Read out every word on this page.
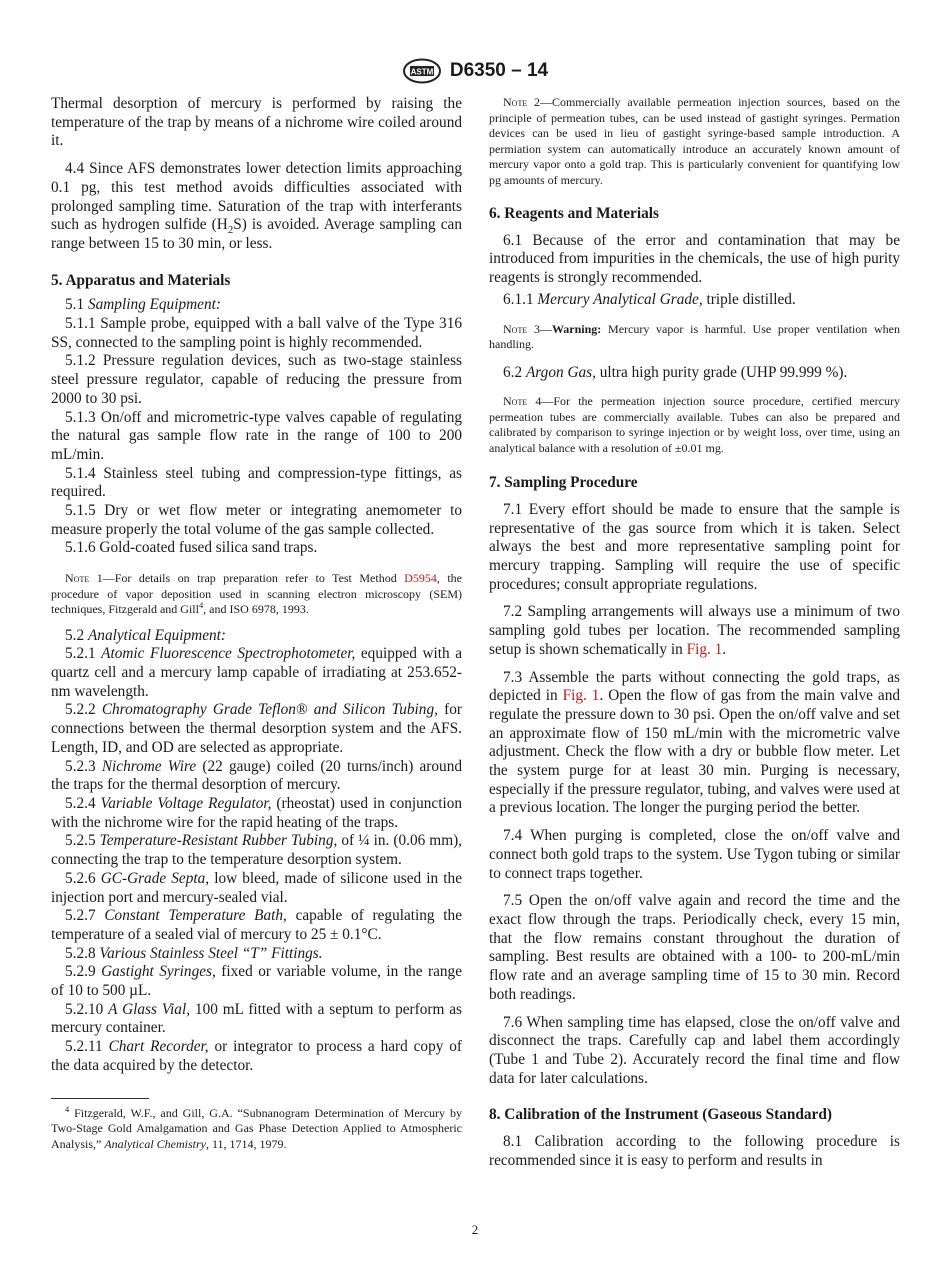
ASTM D6350 – 14

Thermal desorption of mercury is performed by raising the temperature of the trap by means of a nichrome wire coiled around it.

4.4 Since AFS demonstrates lower detection limits approaching 0.1 pg, this test method avoids difficulties associated with prolonged sampling time. Saturation of the trap with interferants such as hydrogen sulfide $(H_2S)$ is avoided. Average sampling can range between 15 to 30 min, or less.

5. Apparatus and Materials

5.1 Sampling Equipment:

5.1.1 Sample probe, equipped with a ball valve of the Type 316 SS, connected to the sampling point is highly recommended.

5.1.2 Pressure regulation devices, such as two-stage stainless steel pressure regulator, capable of reducing the pressure from 2000 to 30 psi.

5.1.3 On/off and micrometric-type valves capable of regulating the natural gas sample flow rate in the range of 100 to 200 mL/min.

5.1.4 Stainless steel tubing and compression-type fittings, as required.

5.1.5 Dry or wet flow meter or integrating anemometer to measure properly the total volume of the gas sample collected.

5.1.6 Gold-coated fused silica sand traps.

Note 1—For details on trap preparation refer to Test Method D5954, the procedure of vapor deposition used in scanning electron microscopy (SEM) techniques, Fitzgerald and Gill$^4$, and ISO 6978, 1993.

5.2 Analytical Equipment:

5.2.1 Atomic Fluorescence Spectrophotometer, equipped with a quartz cell and a mercury lamp capable of irradiating at 253.652-nm wavelength.

5.2.2 Chromatography Grade Teflon® and Silicon Tubing, for connections between the thermal desorption system and the AFS. Length, ID, and OD are selected as appropriate.

5.2.3 Nichrome Wire (22 gauge) coiled (20 turns/inch) around the traps for the thermal desorption of mercury.

5.2.4 Variable Voltage Regulator, (rheostat) used in conjunction with the nichrome wire for the rapid heating of the traps.

5.2.5 Temperature-Resistant Rubber Tubing, of ¼ in. (0.06 mm), connecting the trap to the temperature desorption system.

5.2.6 GC-Grade Septa, low bleed, made of silicone used in the injection port and mercury-sealed vial.

5.2.7 Constant Temperature Bath, capable of regulating the temperature of a sealed vial of mercury to 25 ± 0.1°C.

5.2.8 Various Stainless Steel “T” Fittings.

5.2.9 Gastight Syringes, fixed or variable volume, in the range of 10 to 500 µL.

5.2.10 A Glass Vial, 100 mL fitted with a septum to perform as mercury container.

5.2.11 Chart Recorder, or integrator to process a hard copy of the data acquired by the detector.

$^4$ Fitzgerald, W.F., and Gill, G.A. “Subnanogram Determination of Mercury by Two-Stage Gold Amalgamation and Gas Phase Detection Applied to Atmospheric Analysis,” Analytical Chemistry, 11, 1714, 1979.

Note 2—Commercially available permeation injection sources, based on the principle of permeation tubes, can be used instead of gastight syringes. Permation devices can be used in lieu of gastight syringe-based sample introduction. A permiation system can automatically introduce an accurately known amount of mercury vapor onto a gold trap. This is particularly convenient for quantifying low pg amounts of mercury.

6. Reagents and Materials

6.1 Because of the error and contamination that may be introduced from impurities in the chemicals, the use of high purity reagents is strongly recommended.

6.1.1 Mercury Analytical Grade, triple distilled.

Note 3—Warning: Mercury vapor is harmful. Use proper ventilation when handling.

6.2 Argon Gas, ultra high purity grade (UHP 99.999 %).

Note 4—For the permeation injection source procedure, certified mercury permeation tubes are commercially available. Tubes can also be prepared and calibrated by comparison to syringe injection or by weight loss, over time, using an analytical balance with a resolution of ±0.01 mg.

7. Sampling Procedure

7.1 Every effort should be made to ensure that the sample is representative of the gas source from which it is taken. Select always the best and more representative sampling point for mercury trapping. Sampling will require the use of specific procedures; consult appropriate regulations.

7.2 Sampling arrangements will always use a minimum of two sampling gold tubes per location. The recommended sampling setup is shown schematically in Fig. 1.

7.3 Assemble the parts without connecting the gold traps, as depicted in Fig. 1. Open the flow of gas from the main valve and regulate the pressure down to 30 psi. Open the on/off valve and set an approximate flow of 150 mL/min with the micrometric valve adjustment. Check the flow with a dry or bubble flow meter. Let the system purge for at least 30 min. Purging is necessary, especially if the pressure regulator, tubing, and valves were used at a previous location. The longer the purging period the better.

7.4 When purging is completed, close the on/off valve and connect both gold traps to the system. Use Tygon tubing or similar to connect traps together.

7.5 Open the on/off valve again and record the time and the exact flow through the traps. Periodically check, every 15 min, that the flow remains constant throughout the duration of sampling. Best results are obtained with a 100- to 200-mL/min flow rate and an average sampling time of 15 to 30 min. Record both readings.

7.6 When sampling time has elapsed, close the on/off valve and disconnect the traps. Carefully cap and label them accordingly (Tube 1 and Tube 2). Accurately record the final time and flow data for later calculations.

8. Calibration of the Instrument (Gaseous Standard)

8.1 Calibration according to the following procedure is recommended since it is easy to perform and results in

2
